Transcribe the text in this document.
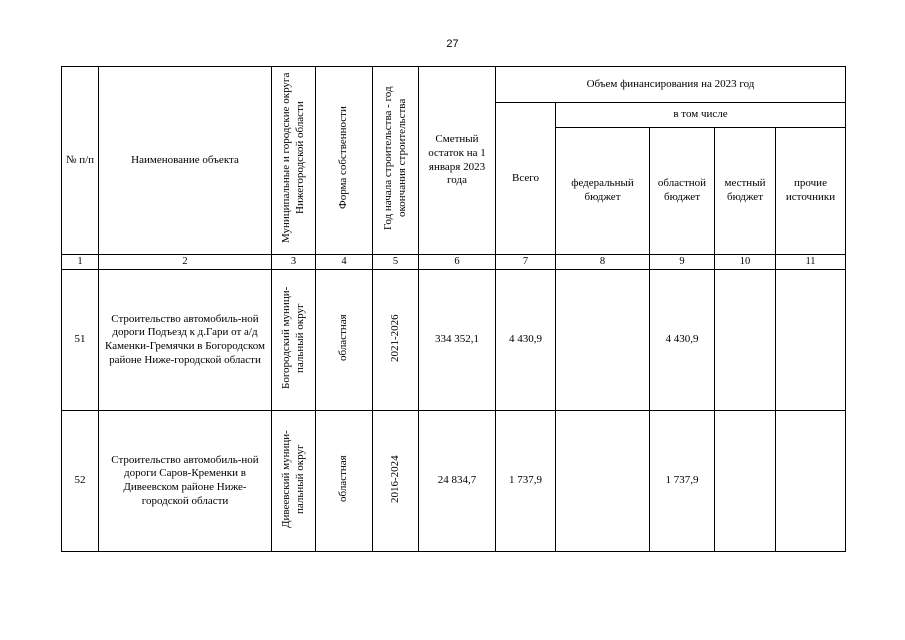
27
№ п/п	Наименование объекта	Муниципальные и городские округа Нижегородской области	Форма собственности	Год начала строительства - год окончания строительства	Сметный остаток на 1 января 2023 года	Объем финансирования на 2023 год				
						Всего	в том числе			
							федеральный бюджет	областной бюджет	местный бюджет	прочие источники
1	2	3	4	5	6	7	8	9	10	11
51	Строительство автомобиль-ной дороги Подъезд к д.Гари от а/д Каменки-Гремячки в Богородском районе Ниже-городской области	Богородский муници-пальный округ	областная	2021-2026	334 352,1	4 430,9		4 430,9		
52	Строительство автомобиль-ной дороги Саров-Кременки в Дивеевском районе Ниже-городской области	Дивеевский муници-пальный округ	областная	2016-2024	24 834,7	1 737,9		1 737,9		
